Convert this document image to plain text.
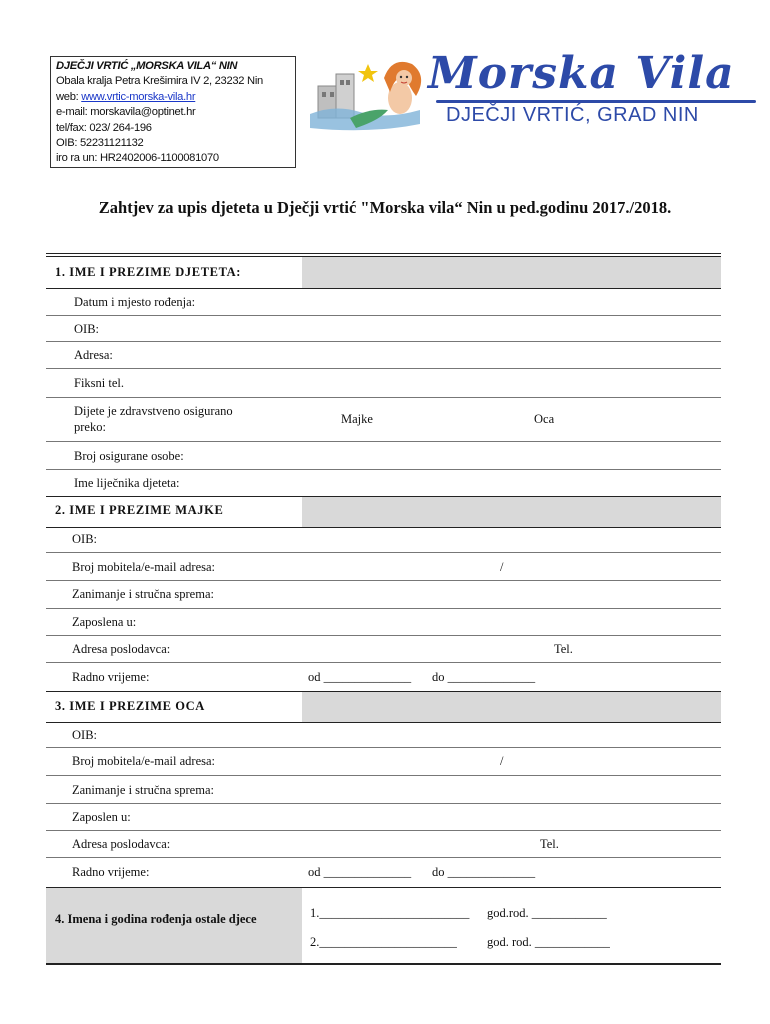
DJEČJI VRTIĆ „MORSKA VILA“ NIN
Obala kralja Petra Krešimira IV 2, 23232 Nin
web: www.vrtic-morska-vila.hr
e-mail: morskavila@optinet.hr
tel/fax: 023/ 264-196
OIB: 52231121132
iro ra un: HR2402006-1100081070
Morska Vila
DJEČJI VRTIĆ, GRAD NIN
Zahtjev za upis djeteta u Dječji vrtić "Morska vila“ Nin u ped.godinu 2017./2018.
1. IME I PREZIME DJETETA:
Datum i mjesto rođenja:
OIB:
Adresa:
Fiksni tel.
Dijete je zdravstveno osigurano
preko:
Majke	Oca
Broj osigurane osobe:
Ime liječnika djeteta:
2. IME I PREZIME MAJKE
OIB:
Broj mobitela/e-mail adresa:	/
Zanimanje i stručna sprema:
Zaposlena u:
Adresa poslodavca:	Tel.
Radno vrijeme:	od ______________ do ______________
3. IME I PREZIME OCA
OIB:
Broj mobitela/e-mail adresa:	/
Zanimanje i stručna sprema:
Zaposlen u:
Adresa poslodavca:	Tel.
Radno vrijeme:	od ______________ do ______________
4. Imena i godina rođenja ostale djece	1.________________________ god.rod. ____________
2.______________________ god. rod. ____________
